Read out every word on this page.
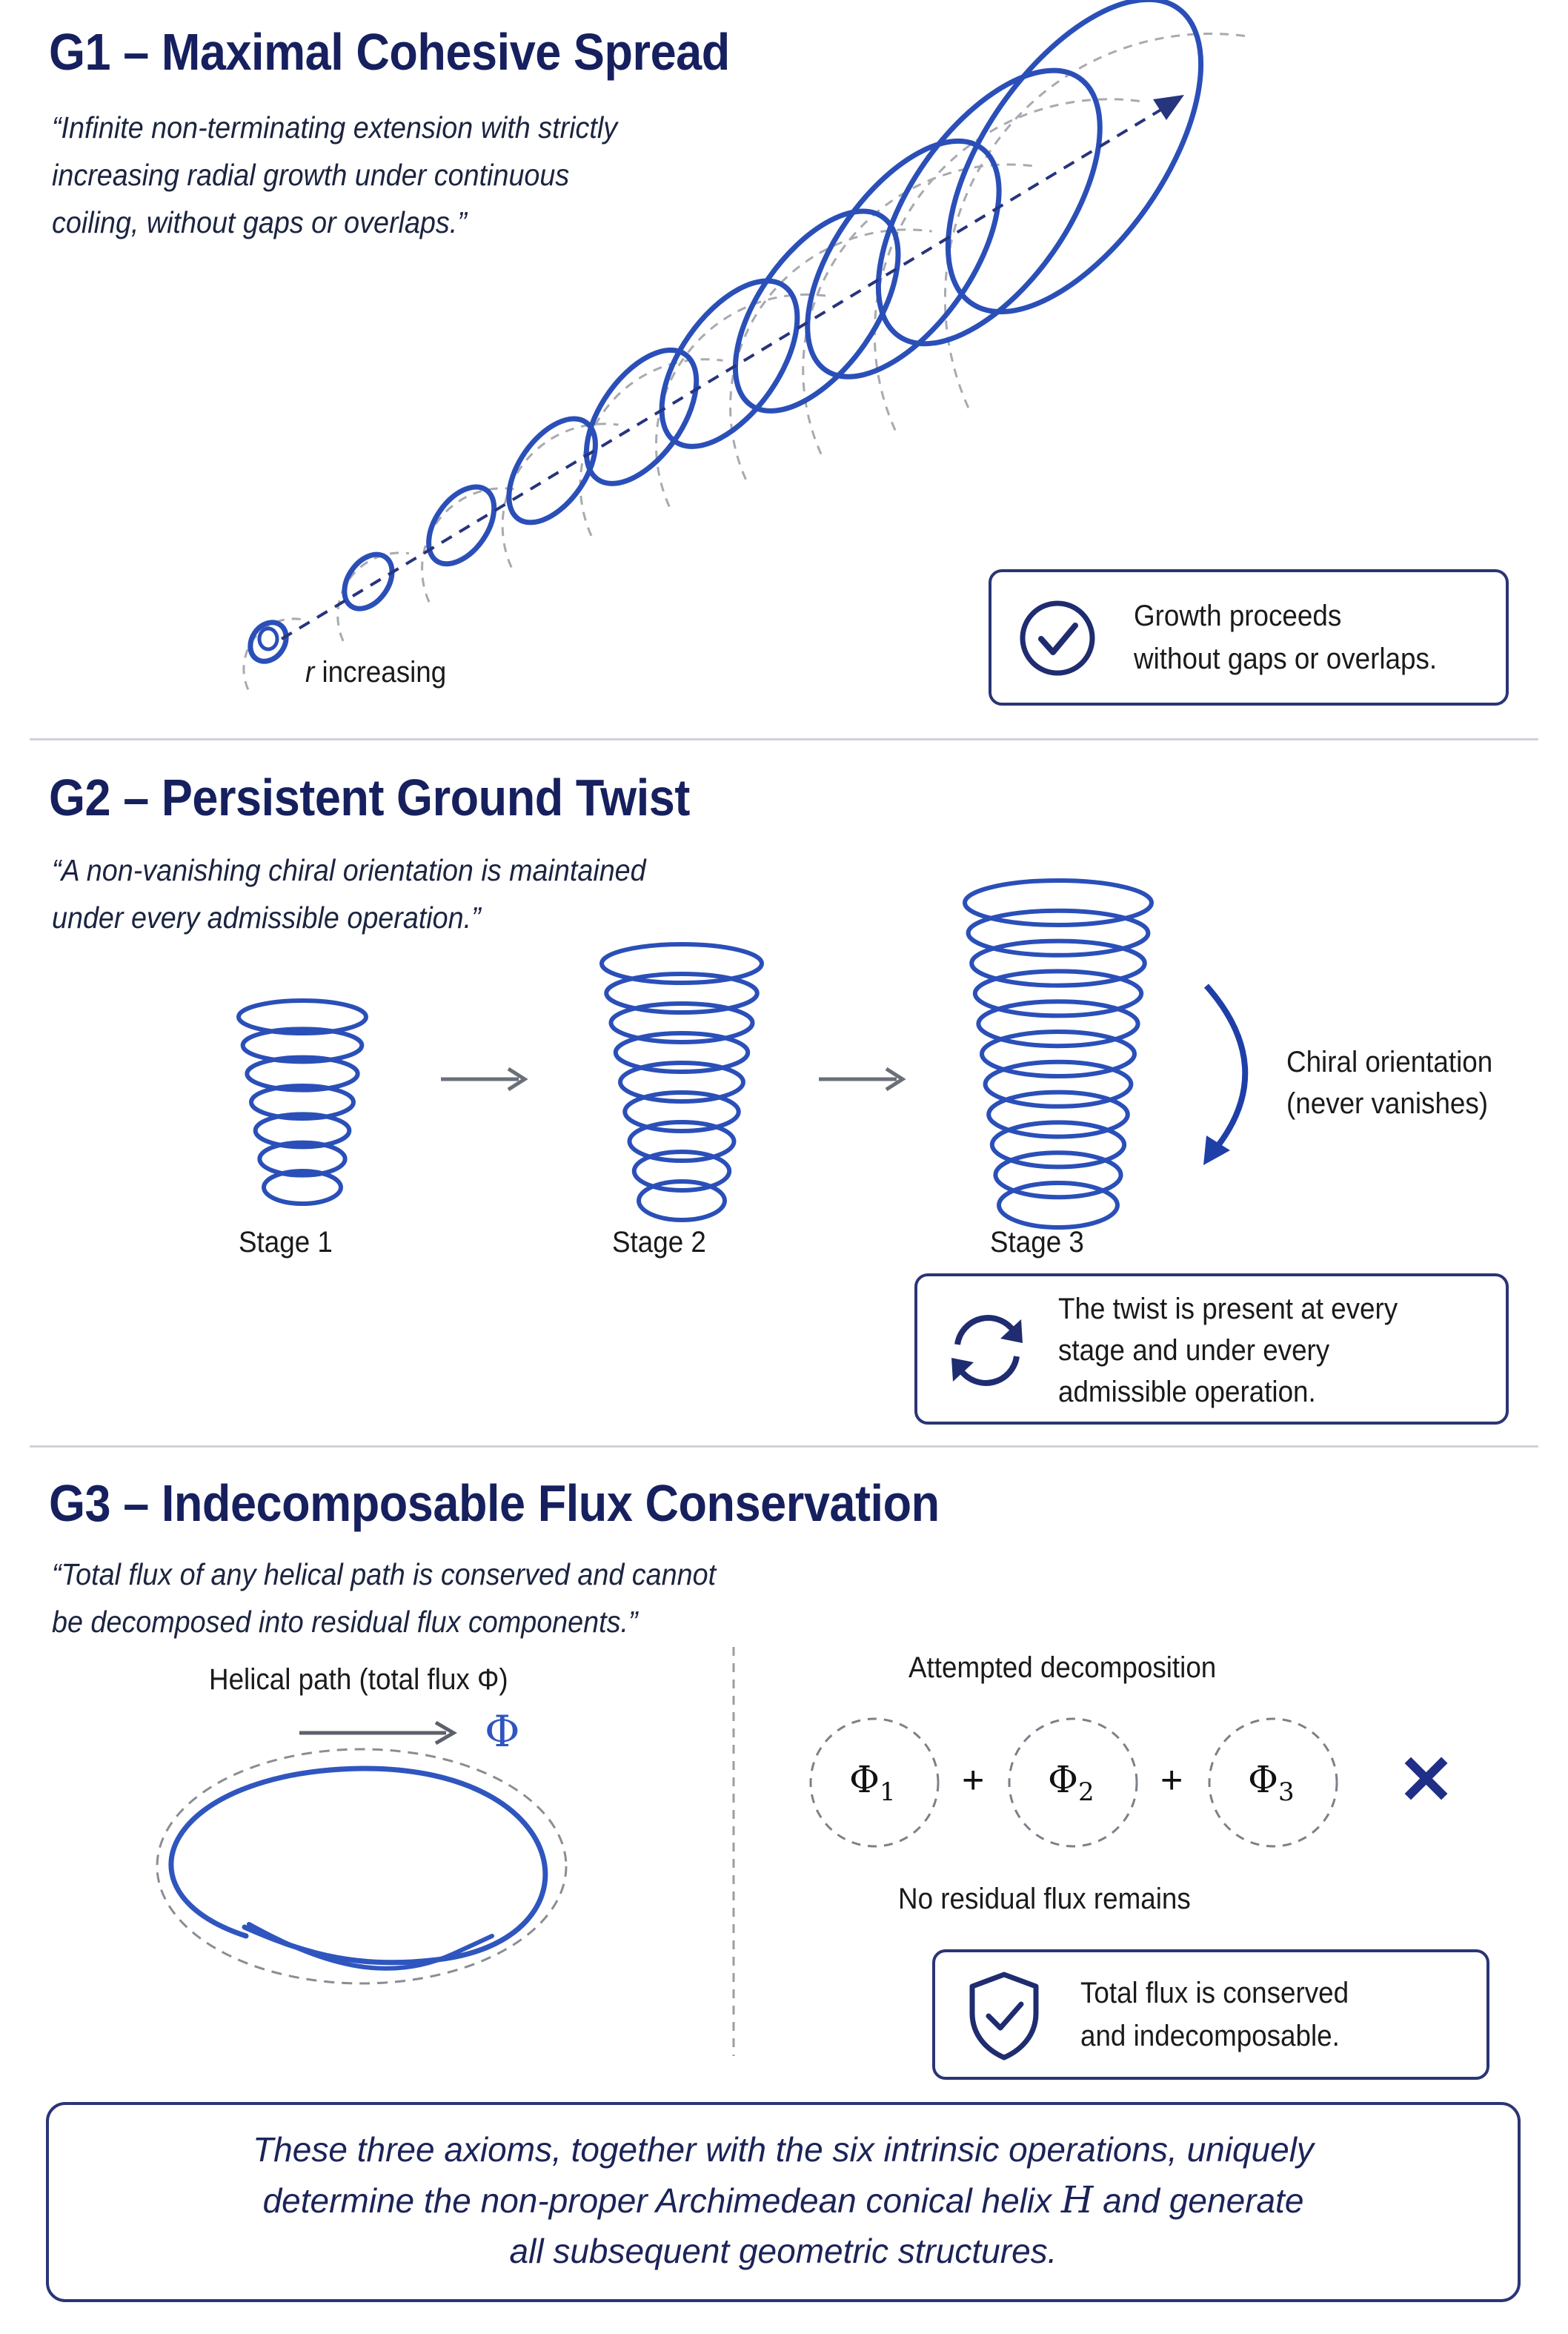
G1 – Maximal Cohesive Spread
“Infinite non-terminating extension with strictly
increasing radial growth under continuous
coiling, without gaps or overlaps.”
r increasing
Growth proceeds
without gaps or overlaps.
G2 – Persistent Ground Twist
“A non-vanishing chiral orientation is maintained
under every admissible operation.”
Stage 1	Stage 2	Stage 3
Chiral orientation
(never vanishes)
The twist is present at every
stage and under every
admissible operation.
G3 – Indecomposable Flux Conservation
“Total flux of any helical path is conserved and cannot
be decomposed into residual flux components.”
Helical path (total flux Φ)	Attempted decomposition
Φ
$\Phi_1$	$\Phi_2$	$\Phi_3$
+	+	✕
No residual flux remains
Total flux is conserved
and indecomposable.
These three axioms, together with the six intrinsic operations, uniquely
determine the non-proper Archimedean conical helix H and generate
all subsequent geometric structures.
